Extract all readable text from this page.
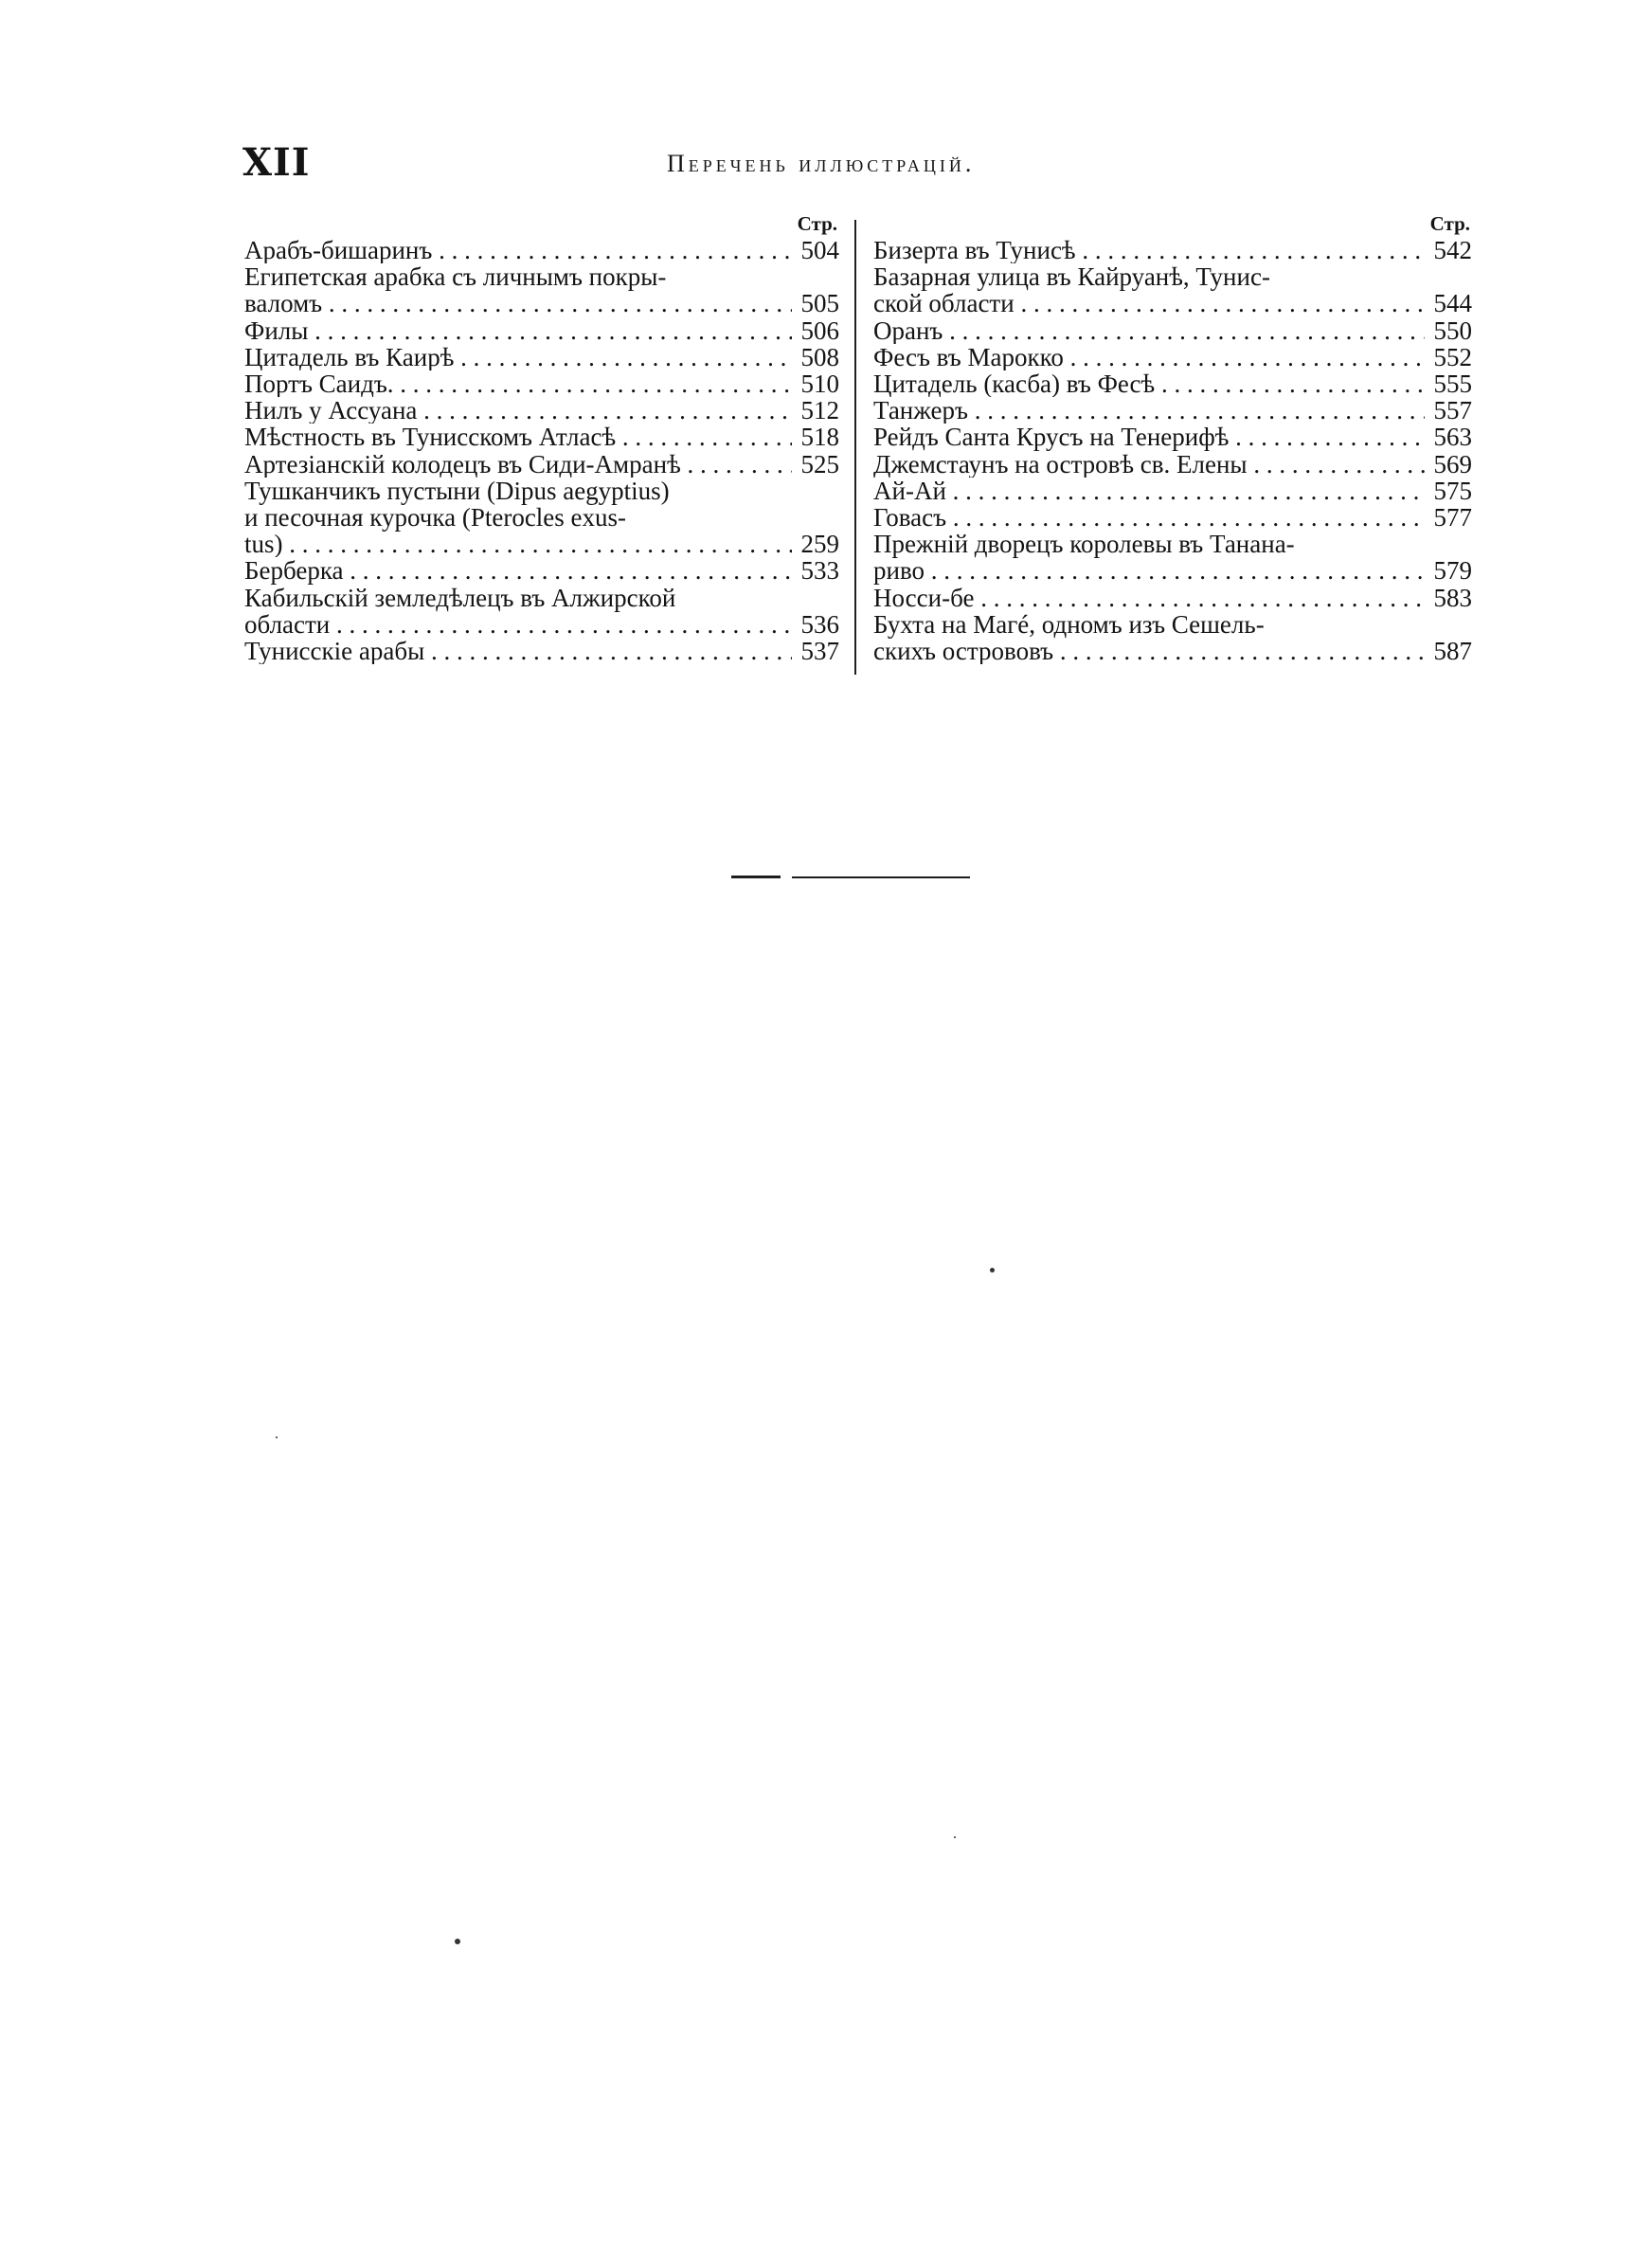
XII	Перечень иллюстрацій.
Стр.
Арабъ-бишаринъ . . .	504
Египетская арабка съ личнымъ покры-

валомъ . . .	505
Филы . . .	506
Цитадель въ Каирѣ . . .	508
Портъ Саидъ. . . .	510
Нилъ у Ассуана . . .	512
Мѣстность въ Тунисскомъ Атласѣ . . .	518
Артезіанскій колодецъ въ Сиди-Амранѣ . . .	525
Тушканчикъ пустыни (Dipus aegyptius)
и песочная курочка (Pterocles exus-

tus) . . .	259
Берберка . . .	533
Кабильскій земледѣлецъ въ Алжирской

области . . .	536
Тунисскіе арабы . . .	537
Стр.
Бизерта въ Тунисѣ . . .	542
Базарная улица въ Кайруанѣ, Тунис-

ской области . . .	544
Оранъ . . .	550
Фесъ въ Марокко . . .	552
Цитадель (касба) въ Фесѣ . . .	555
Танжеръ . . .	557
Рейдъ Санта Крусъ на Тенерифѣ . . .	563
Джемстаунъ на островѣ св. Елены . . .	569
Ай-Ай . . .	575
Говасъ . . .	577
Прежній дворецъ королевы въ Танана-

риво . . .	579
Носси-бе . . .	583
Бухта на Магé, одномъ изъ Сешель-

скихъ острововъ . . .	587
